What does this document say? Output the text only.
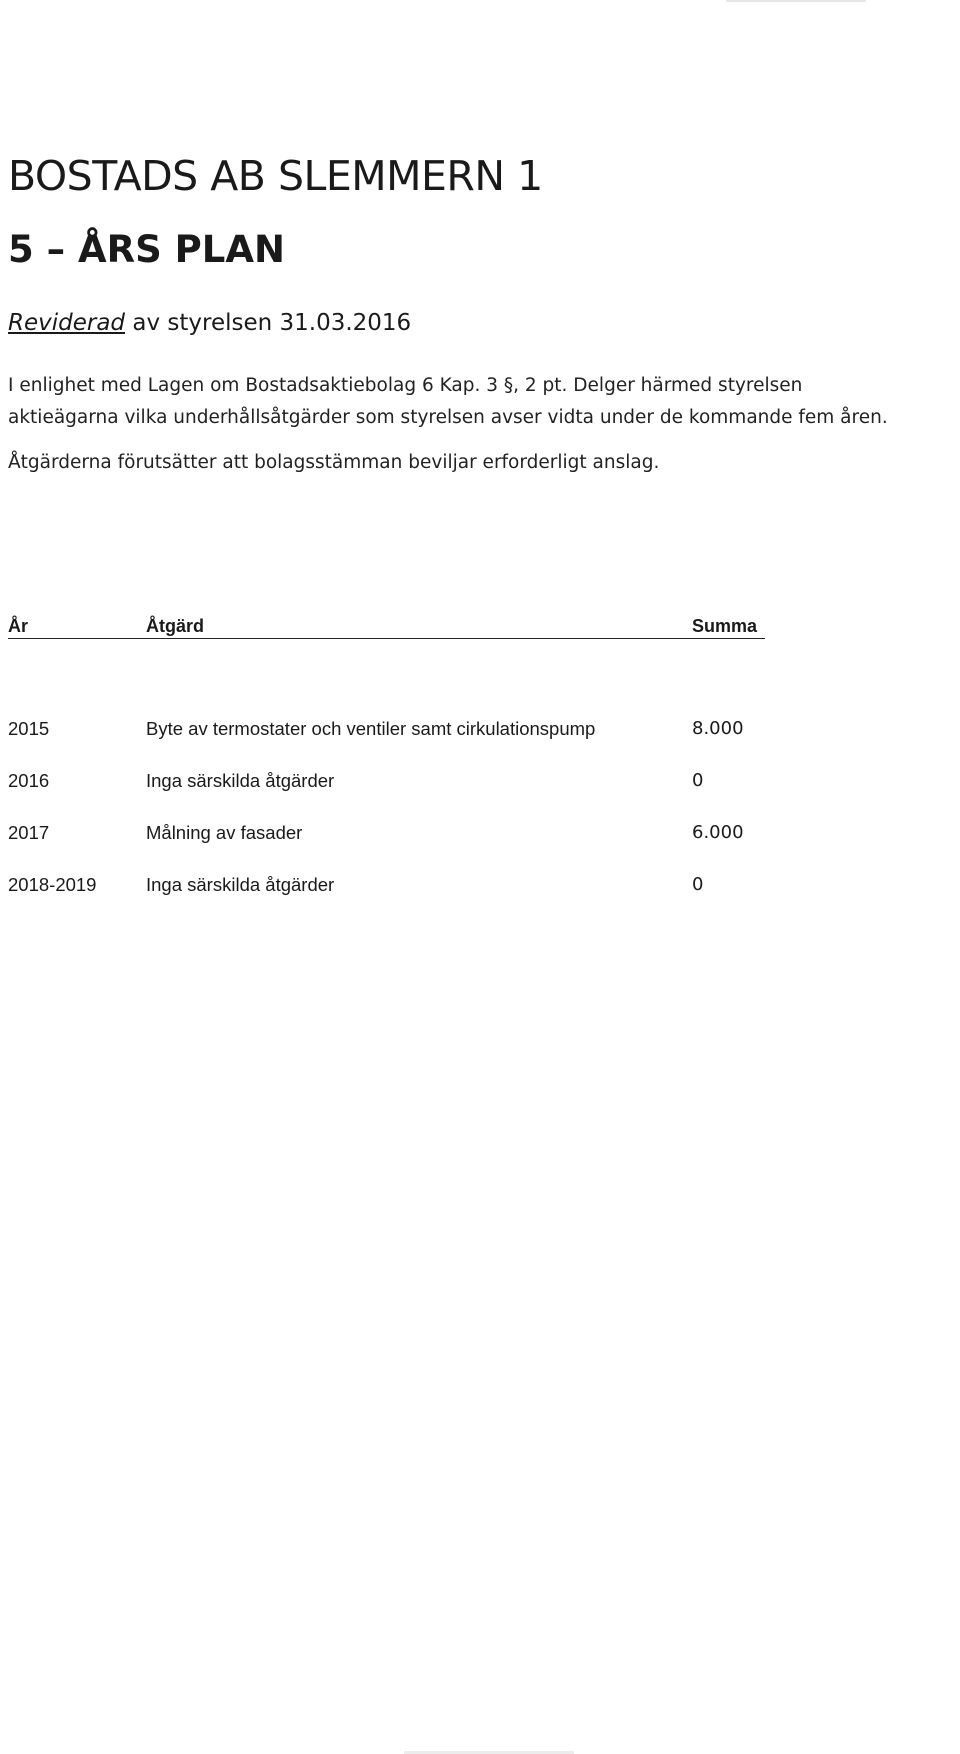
BOSTADS AB SLEMMERN 1
5 – ÅRS PLAN
Reviderad av styrelsen 31.03.2016

I enlighet med Lagen om Bostadsaktiebolag 6 Kap. 3 §, 2 pt. Delger härmed styrelsen

aktieägarna vilka underhållsåtgärder som styrelsen avser vidta under de kommande fem åren.

Åtgärderna förutsätter att bolagsstämman beviljar erforderligt anslag.

År	Åtgärd	Summa
2015	Byte av termostater och ventiler samt cirkulationspump	8.000
2016	Inga särskilda åtgärder	0
2017	Målning av fasader	6.000
2018-2019	Inga särskilda åtgärder	0
